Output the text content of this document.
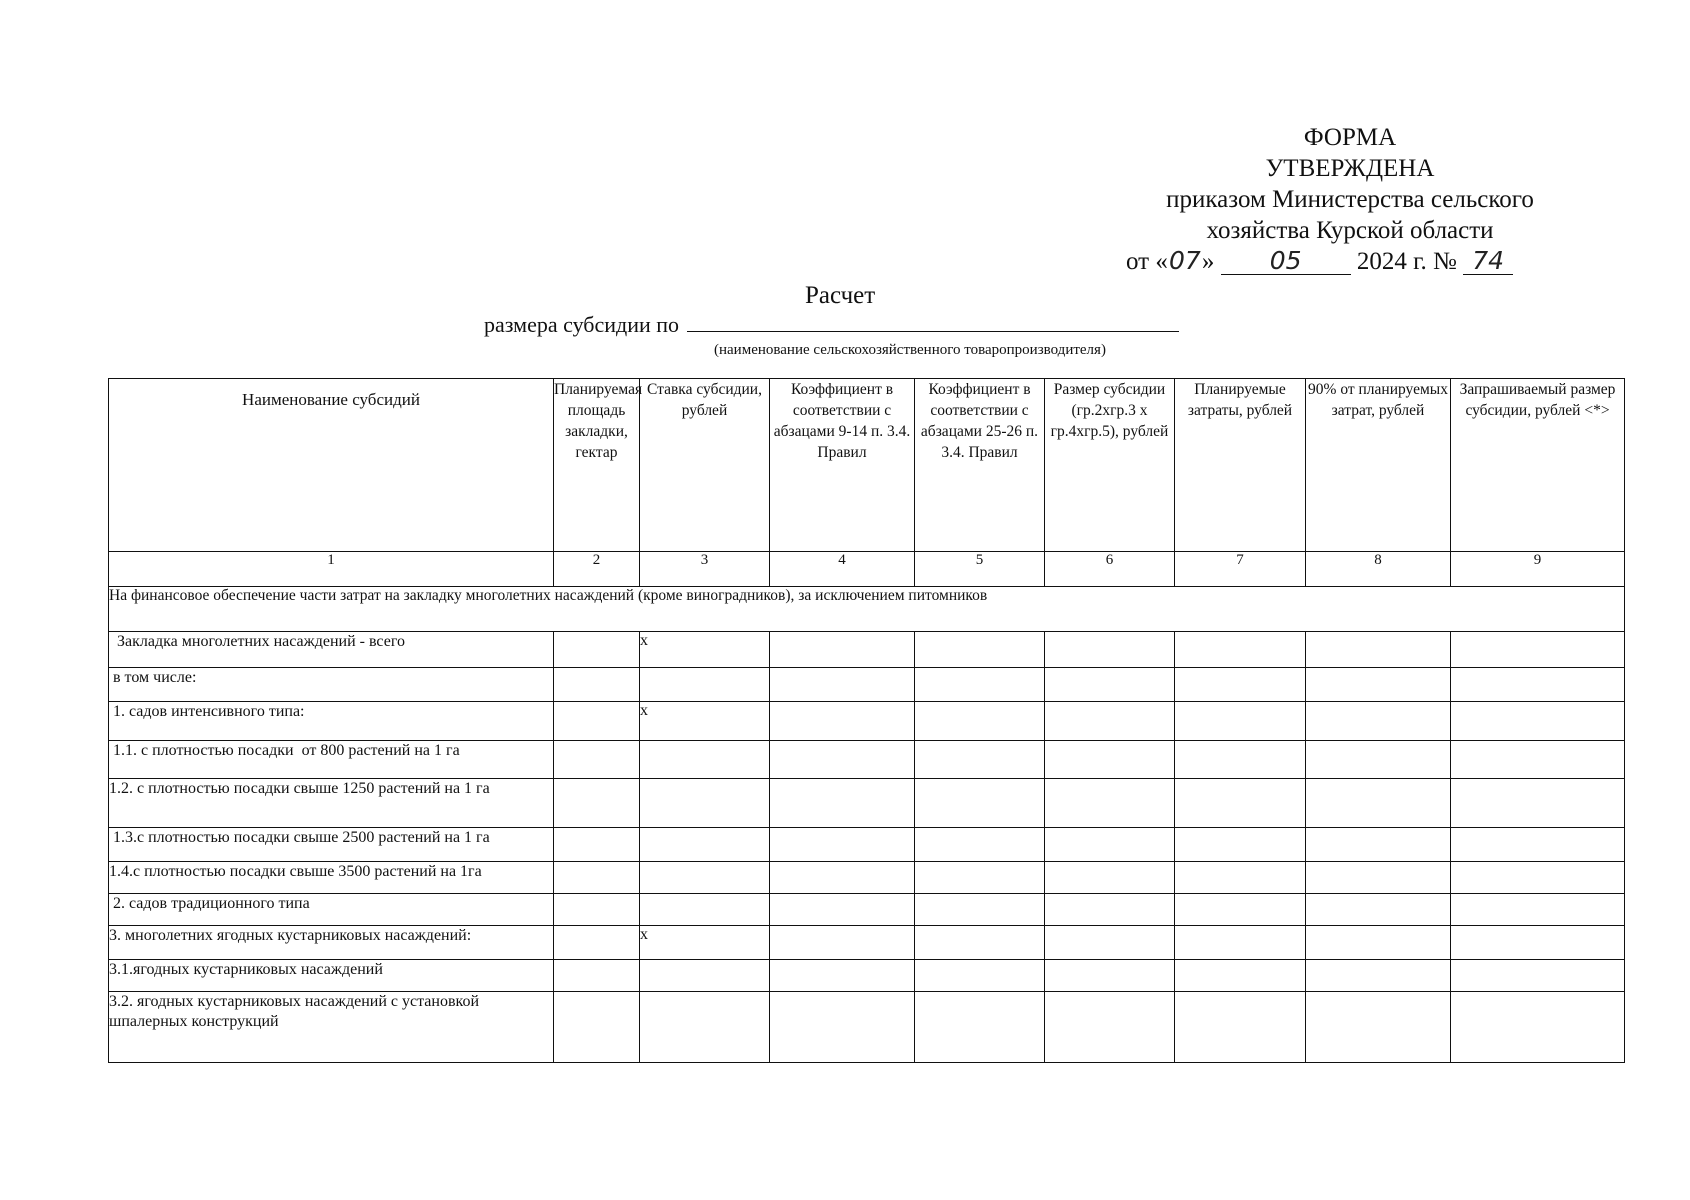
ФОРМА
УТВЕРЖДЕНА
приказом Министерства сельского
хозяйства Курской области
от «07» 05 2024 г. № 74
Расчет
размера субсидии по
(наименование сельскохозяйственного товаропроизводителя)
Наименование субсидий	Планируемая площадь закладки, гектар	Ставка субсидии, рублей	Коэффициент в соответствии с абзацами 9-14 п. 3.4. Правил	Коэффициент в соответствии с абзацами 25-26 п. 3.4. Правил	Размер субсидии (гр.2хгр.3 х гр.4хгр.5), рублей	Планируемые затраты, рублей	90% от планируемых затрат, рублей	Запрашиваемый размер субсидии, рублей <*>
1	2	3	4	5	6	7	8	9
На финансовое обеспечение части затрат на закладку многолетних насаждений (кроме виноградников), за исключением питомников								
Закладка многолетних насаждений - всего		x						
в том числе:								
1. садов интенсивного типа:		x						
1.1. с плотностью посадки  от 800 растений на 1 га								
1.2. с плотностью посадки свыше 1250 растений на 1 га								
1.3.с плотностью посадки свыше 2500 растений на 1 га								
1.4.с плотностью посадки свыше 3500 растений на 1га								
2. садов традиционного типа								
3. многолетних ягодных кустарниковых насаждений:		x						
3.1.ягодных кустарниковых насаждений								
3.2. ягодных кустарниковых насаждений с установкой шпалерных конструкций								
